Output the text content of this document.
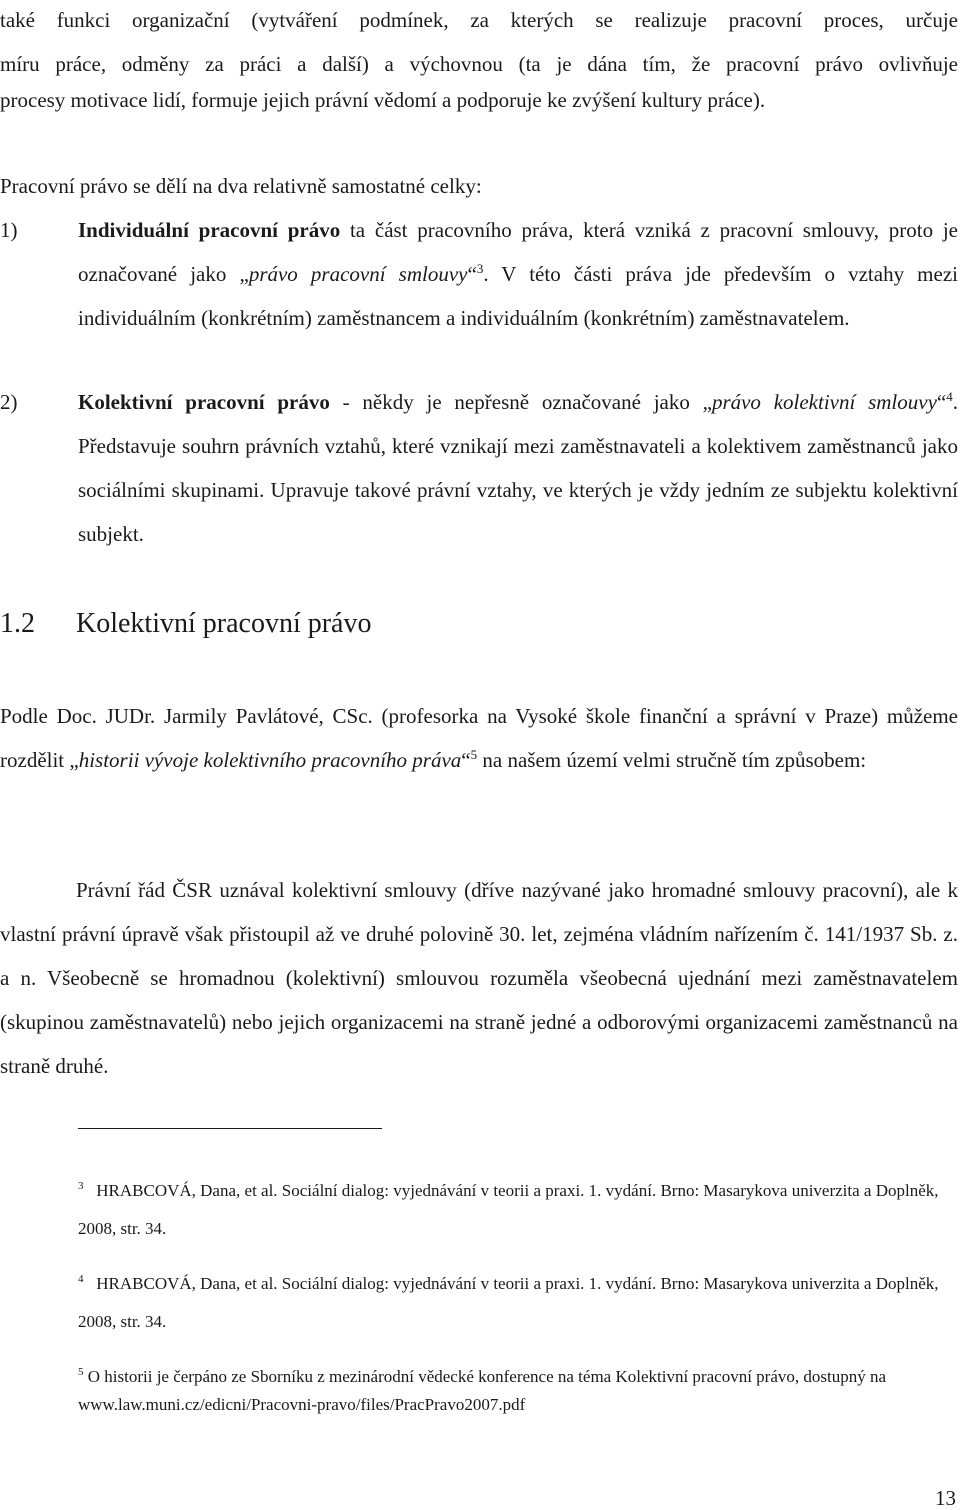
také funkci organizační (vytváření podmínek, za kterých se realizuje pracovní proces, určuje

míru práce, odměny za práci a další) a výchovnou (ta je dána tím, že pracovní právo ovlivňuje

procesy motivace lidí, formuje jejich právní vědomí a podporuje ke zvýšení kultury práce).

Pracovní právo se dělí na dva relativně samostatné celky:

1)	Individuální pracovní právo ta část pracovního práva, která vzniká z pracovní smlouvy, proto je označované jako „právo pracovní smlouvy“$^3$. V této části práva jde především o vztahy mezi individuálním (konkrétním) zaměstnancem a individuálním (konkrétním) zaměstnavatelem.

2)	Kolektivní pracovní právo - někdy je nepřesně označované jako „právo kolektivní smlouvy“$^4$. Představuje souhrn právních vztahů, které vznikají mezi zaměstnavateli a kolektivem zaměstnanců jako sociálními skupinami. Upravuje takové právní vztahy, ve kterých je vždy jedním ze subjektu kolektivní subjekt.

1.2 Kolektivní pracovní právo

Podle Doc. JUDr. Jarmily Pavlátové, CSc. (profesorka na Vysoké škole finanční a správní v Praze) můžeme rozdělit „historii vývoje kolektivního pracovního práva“$^5$ na našem území velmi stručně tím způsobem:

Právní řád ČSR uznával kolektivní smlouvy (dříve nazývané jako hromadné smlouvy pracovní), ale k vlastní právní úpravě však přistoupil až ve druhé polovině 30. let, zejména vládním nařízením č. 141/1937 Sb. z. a n. Všeobecně se hromadnou (kolektivní) smlouvou rozuměla všeobecná ujednání mezi zaměstnavatelem (skupinou zaměstnavatelů) nebo jejich organizacemi na straně jedné a odborovými organizacemi zaměstnanců na straně druhé.

$^3$ HRABCOVÁ, Dana, et al. Sociální dialog: vyjednávání v teorii a praxi. 1. vydání. Brno: Masarykova univerzita a Doplněk, 2008, str. 34.

$^4$ HRABCOVÁ, Dana, et al. Sociální dialog: vyjednávání v teorii a praxi. 1. vydání. Brno: Masarykova univerzita a Doplněk, 2008, str. 34.

$^5$ O historii je čerpáno ze Sborníku z mezinárodní vědecké konference na téma Kolektivní pracovní právo, dostupný na www.law.muni.cz/edicni/Pracovni-pravo/files/PracPravo2007.pdf

13
